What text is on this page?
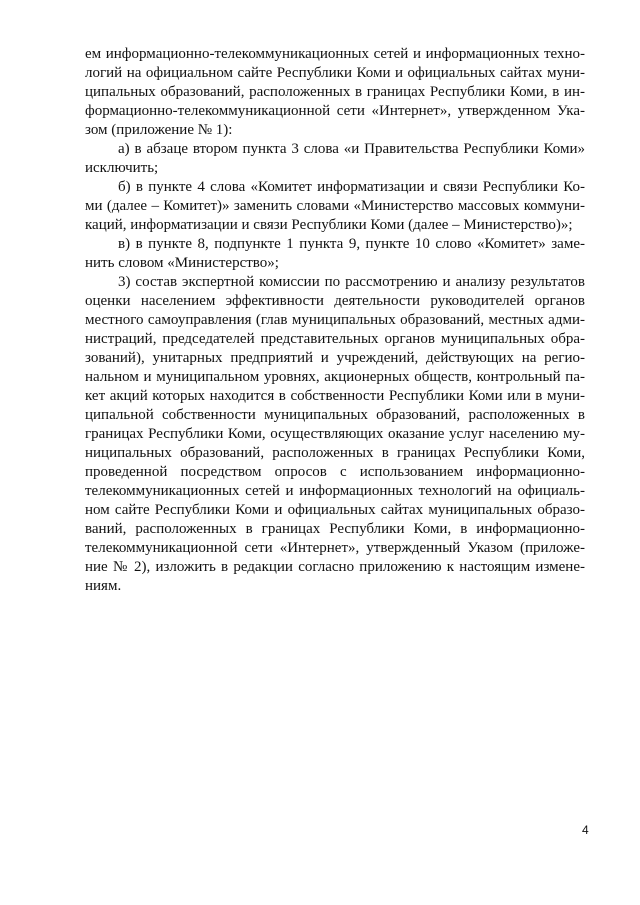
ем информационно-телекоммуникационных сетей и информационных техно-
логий на официальном сайте Республики Коми и официальных сайтах муни-
ципальных образований, расположенных в границах Республики Коми, в ин-
формационно-телекоммуникационной сети «Интернет», утвержденном Ука-
зом (приложение № 1):
а) в абзаце втором пункта 3 слова «и Правительства Республики Коми»
исключить;
б) в пункте 4 слова «Комитет информатизации и связи Республики Ко-
ми (далее – Комитет)» заменить словами «Министерство массовых коммуни-
каций, информатизации и связи Республики Коми (далее – Министерство)»;
в) в пункте 8, подпункте 1 пункта 9, пункте 10 слово «Комитет» заме-
нить словом «Министерство»;
3) состав экспертной комиссии по рассмотрению и анализу результатов
оценки населением эффективности деятельности руководителей органов
местного самоуправления (глав муниципальных образований, местных адми-
нистраций, председателей представительных органов муниципальных обра-
зований), унитарных предприятий и учреждений, действующих на регио-
нальном и муниципальном уровнях, акционерных обществ, контрольный па-
кет акций которых находится в собственности Республики Коми или в муни-
ципальной собственности муниципальных образований, расположенных в
границах Республики Коми, осуществляющих оказание услуг населению му-
ниципальных образований, расположенных в границах Республики Коми,
проведенной посредством опросов с использованием информационно-
телекоммуникационных сетей и информационных технологий на официаль-
ном сайте Республики Коми и официальных сайтах муниципальных образо-
ваний, расположенных в границах Республики Коми, в информационно-
телекоммуникационной сети «Интернет», утвержденный Указом (приложе-
ние № 2), изложить в редакции согласно приложению к настоящим измене-
ниям.
4
